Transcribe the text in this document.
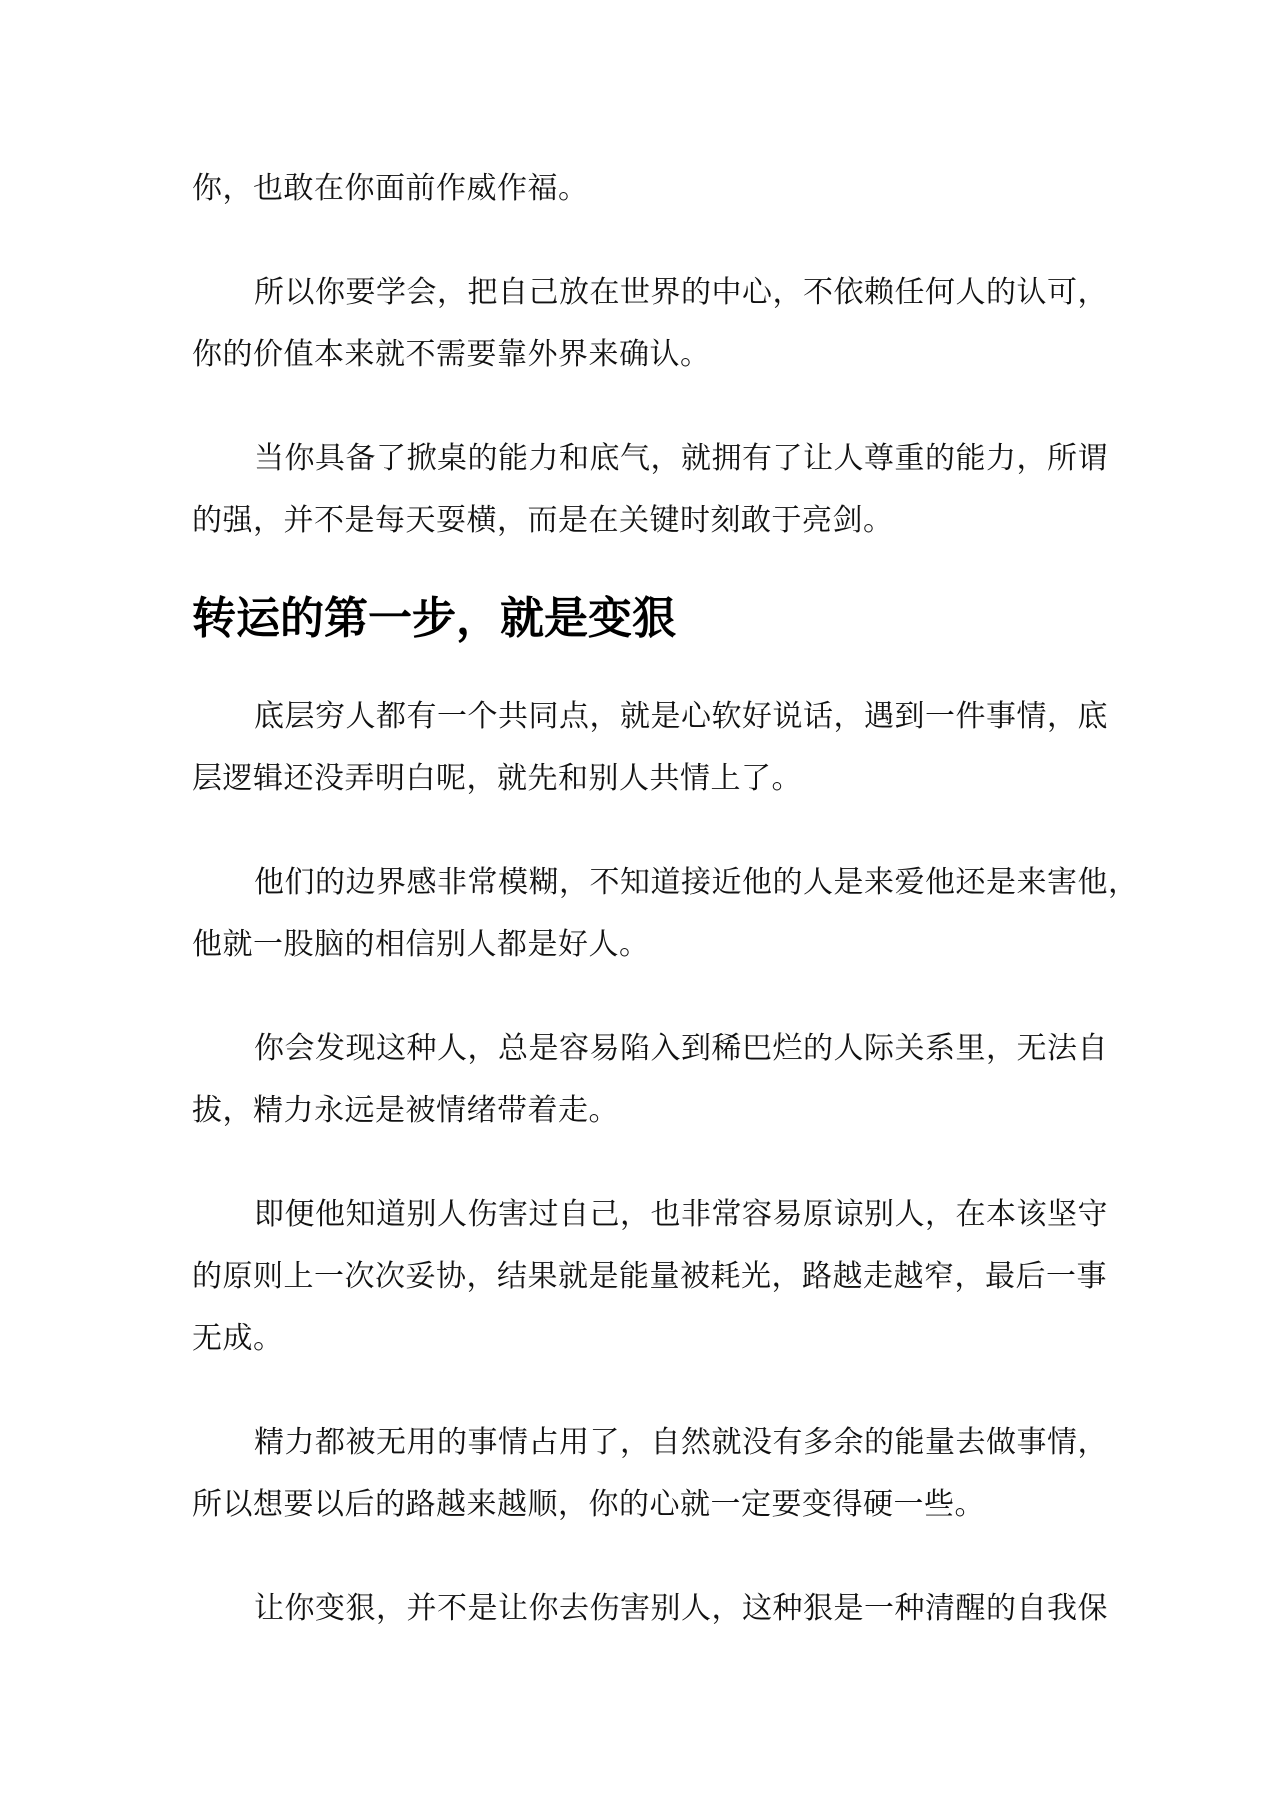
你，也敢在你面前作威作福。
所以你要学会，把自己放在世界的中心，不依赖任何人的认可，
你的价值本来就不需要靠外界来确认。
当你具备了掀桌的能力和底气，就拥有了让人尊重的能力，所谓
的强，并不是每天耍横，而是在关键时刻敢于亮剑。
转运的第一步，就是变狠
底层穷人都有一个共同点，就是心软好说话，遇到一件事情，底
层逻辑还没弄明白呢，就先和别人共情上了。
他们的边界感非常模糊，不知道接近他的人是来爱他还是来害他，
他就一股脑的相信别人都是好人。
你会发现这种人，总是容易陷入到稀巴烂的人际关系里，无法自
拔，精力永远是被情绪带着走。
即便他知道别人伤害过自己，也非常容易原谅别人，在本该坚守
的原则上一次次妥协，结果就是能量被耗光，路越走越窄，最后一事
无成。
精力都被无用的事情占用了，自然就没有多余的能量去做事情，
所以想要以后的路越来越顺，你的心就一定要变得硬一些。
让你变狠，并不是让你去伤害别人，这种狠是一种清醒的自我保
